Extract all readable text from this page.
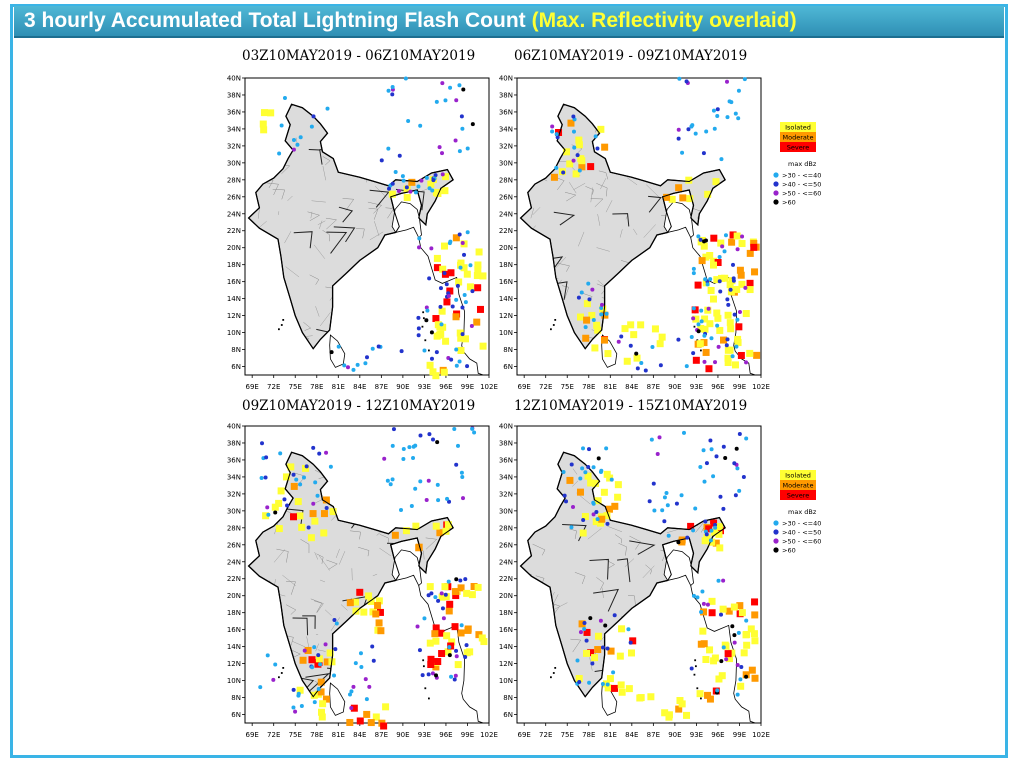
3 hourly Accumulated Total Lightning Flash Count (Max. Reflectivity overlaid)
03Z10MAY2019 - 06Z10MAY2019	06Z10MAY2019 - 09Z10MAY2019
09Z10MAY2019 - 12Z10MAY2019	12Z10MAY2019 - 15Z10MAY2019
40N
38N
36N
34N
32N
30N
28N
26N
24N
22N
20N
18N
16N
14N
12N
10N
8N
6N
69E 72E 75E 78E 81E 84E 87E 90E 93E 96E 99E 102E
40N
38N
36N
34N
32N
30N
28N
26N
24N
22N
20N
18N
16N
14N
12N
10N
8N
6N
69E 72E 75E 78E 81E 84E 87E 90E 93E 96E 99E 102E
40N
38N
36N
34N
32N
30N
28N
26N
24N
22N
20N
18N
16N
14N
12N
10N
8N
6N
69E 72E 75E 78E 81E 84E 87E 90E 93E 96E 99E 102E
40N
38N
36N
34N
32N
30N
28N
26N
24N
22N
20N
18N
16N
14N
12N
10N
8N
6N
69E 72E 75E 78E 81E 84E 87E 90E 93E 96E 99E 102E
Isolated
Moderate
Severe
max dBz
>30 - <=40
>40 - <=50
>50 - <=60
>60
Isolated
Moderate
Severe
max dBz
>30 - <=40
>40 - <=50
>50 - <=60
>60
